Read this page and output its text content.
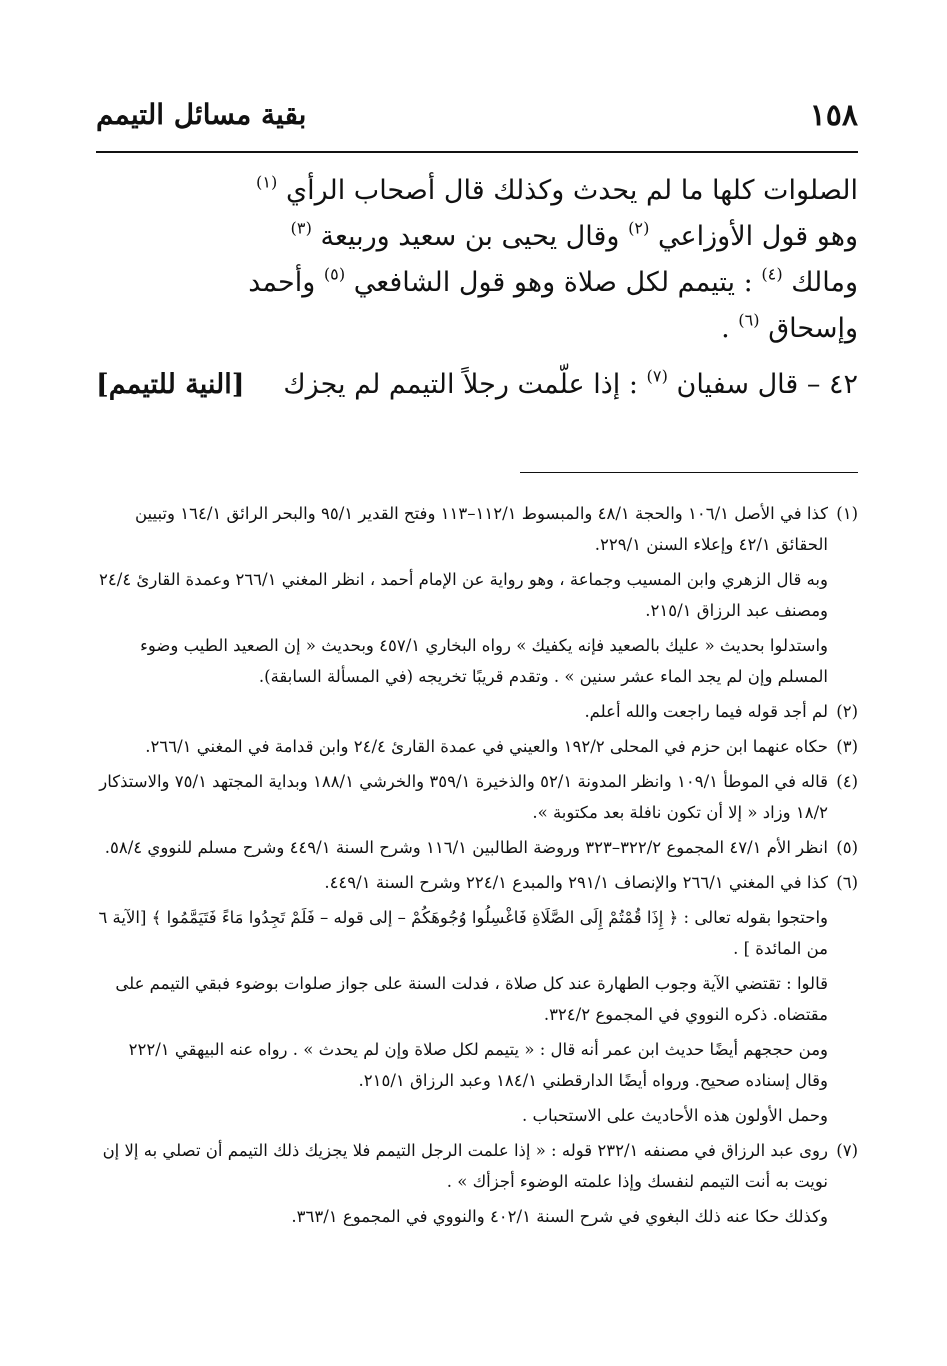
١٥٨
بقية مسائل التيمم
الصلوات كلها ما لم يحدث وكذلك قال أصحاب الرأي $^{(١)}$
وهو قول الأوزاعي $^{(٢)}$ وقال يحيى بن سعيد وربيعة $^{(٣)}$
ومالك $^{(٤)}$ : يتيمم لكل صلاة وهو قول الشافعي $^{(٥)}$ وأحمد
وإسحاق $^{(٦)}$ .
٤٢ – قال سفيان $^{(٧)}$ : إذا علّمت رجلاً التيمم لم يجزك
[النية للتيمم]
(١)
كذا في الأصل ١٠٦/١ والحجة ٤٨/١ والمبسوط ١١٢/١–١١٣ وفتح القدير ٩٥/١ والبحر الرائق ١٦٤/١ وتبيين الحقائق ٤٢/١ وإعلاء السنن ٢٢٩/١.
وبه قال الزهري وابن المسيب وجماعة ، وهو رواية عن الإمام أحمد ، انظر المغني ٢٦٦/١ وعمدة القارئ ٢٤/٤ ومصنف عبد الرزاق ٢١٥/١.
واستدلوا بحديث « عليك بالصعيد فإنه يكفيك » رواه البخاري ٤٥٧/١ وبحديث « إن الصعيد الطيب وضوء المسلم وإن لم يجد الماء عشر سنين » . وتقدم قريبًا تخريجه (في المسألة السابقة).
(٢)
لم أجد قوله فيما راجعت والله أعلم.
(٣)
حكاه عنهما ابن حزم في المحلى ١٩٢/٢ والعيني في عمدة القارئ ٢٤/٤ وابن قدامة في المغني ٢٦٦/١.
(٤)
قاله في الموطأ ١٠٩/١ وانظر المدونة ٥٢/١ والذخيرة ٣٥٩/١ والخرشي ١٨٨/١ وبداية المجتهد ٧٥/١ والاستذكار ١٨/٢ وزاد « إلا أن تكون نافلة بعد مكتوبة ».
(٥)
انظر الأم ٤٧/١ المجموع ٣٢٢/٢–٣٢٣ وروضة الطالبين ١١٦/١ وشرح السنة ٤٤٩/١ وشرح مسلم للنووي ٥٨/٤.
(٦)
كذا في المغني ٢٦٦/١ والإنصاف ٢٩١/١ والمبدع ٢٢٤/١ وشرح السنة ٤٤٩/١.
واحتجوا بقوله تعالى : ﴿ إِذَا قُمْتُمْ إِلَى الصَّلَاةِ فَاغْسِلُوا وُجُوهَكُمْ – إلى قوله – فَلَمْ تَجِدُوا مَاءً فَتَيَمَّمُوا ﴾ [الآية ٦ من المائدة ] .
قالوا : تقتضي الآية وجوب الطهارة عند كل صلاة ، فدلت السنة على جواز صلوات بوضوء فبقي التيمم على مقتضاه. ذكره النووي في المجموع ٣٢٤/٢.
ومن حججهم أيضًا حديث ابن عمر أنه قال : « يتيمم لكل صلاة وإن لم يحدث » . رواه عنه البيهقي ٢٢٢/١ وقال إسناده صحيح. ورواه أيضًا الدارقطني ١٨٤/١ وعبد الرزاق ٢١٥/١.
وحمل الأولون هذه الأحاديث على الاستحباب .
(٧)
روى عبد الرزاق في مصنفه ٢٣٢/١ قوله : « إذا علمت الرجل التيمم فلا يجزيك ذلك التيمم أن تصلي به إلا إن نويت به أنت التيمم لنفسك وإذا علمته الوضوء أجزأك » .
وكذلك حكا عنه ذلك البغوي في شرح السنة ٤٠٢/١ والنووي في المجموع ٣٦٣/١.
